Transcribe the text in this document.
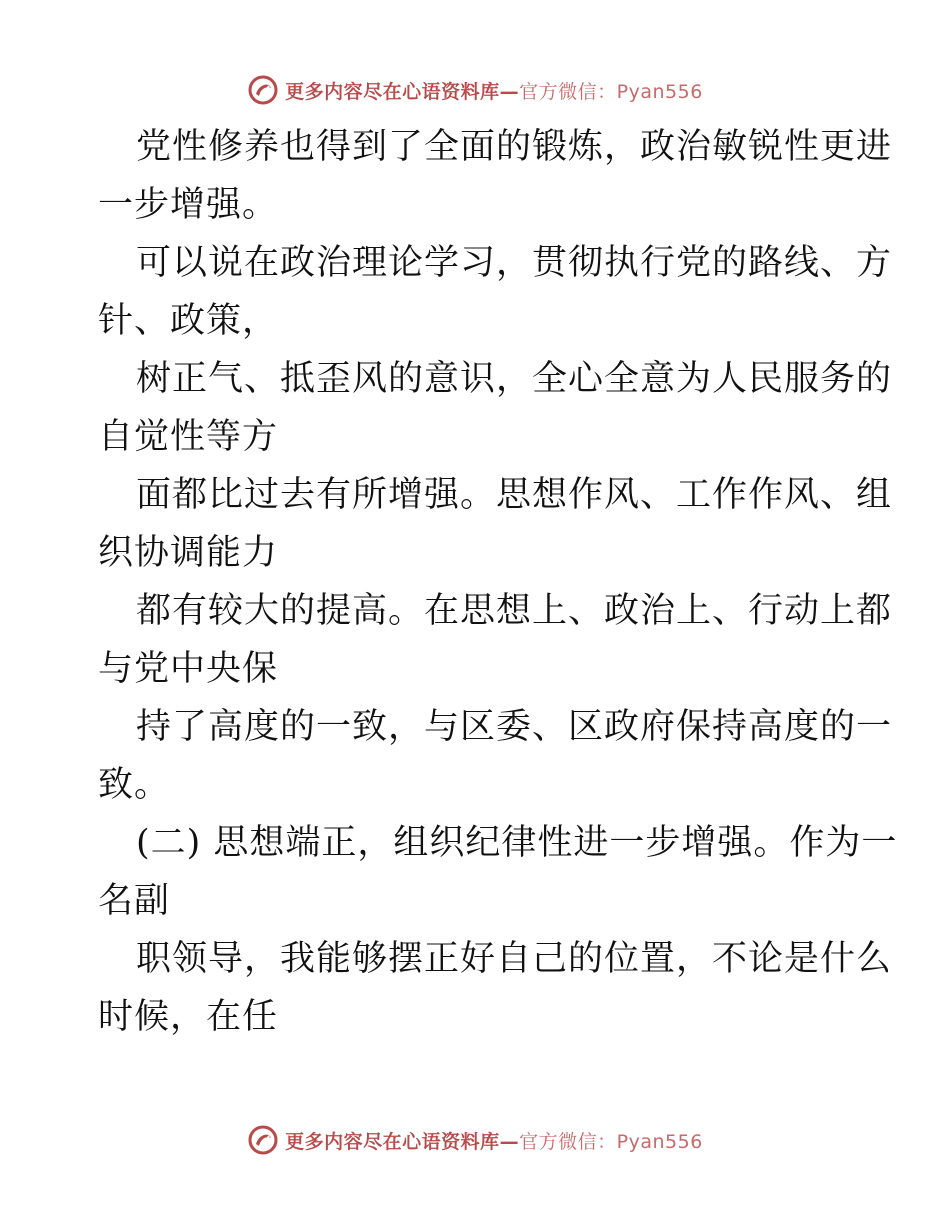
更多内容尽在心语资料库—官方微信：Pyan556
党性修养也得到了全面的锻炼，政治敏锐性更进
一步增强。
可以说在政治理论学习，贯彻执行党的路线、方
针、政策，
树正气、抵歪风的意识，全心全意为人民服务的
自觉性等方
面都比过去有所增强。思想作风、工作作风、组
织协调能力
都有较大的提高。在思想上、政治上、行动上都
与党中央保
持了高度的一致，与区委、区政府保持高度的一
致。
(二) 思想端正，组织纪律性进一步增强。作为一
名副
职领导，我能够摆正好自己的位置，不论是什么
时候，在任
更多内容尽在心语资料库—官方微信：Pyan556
